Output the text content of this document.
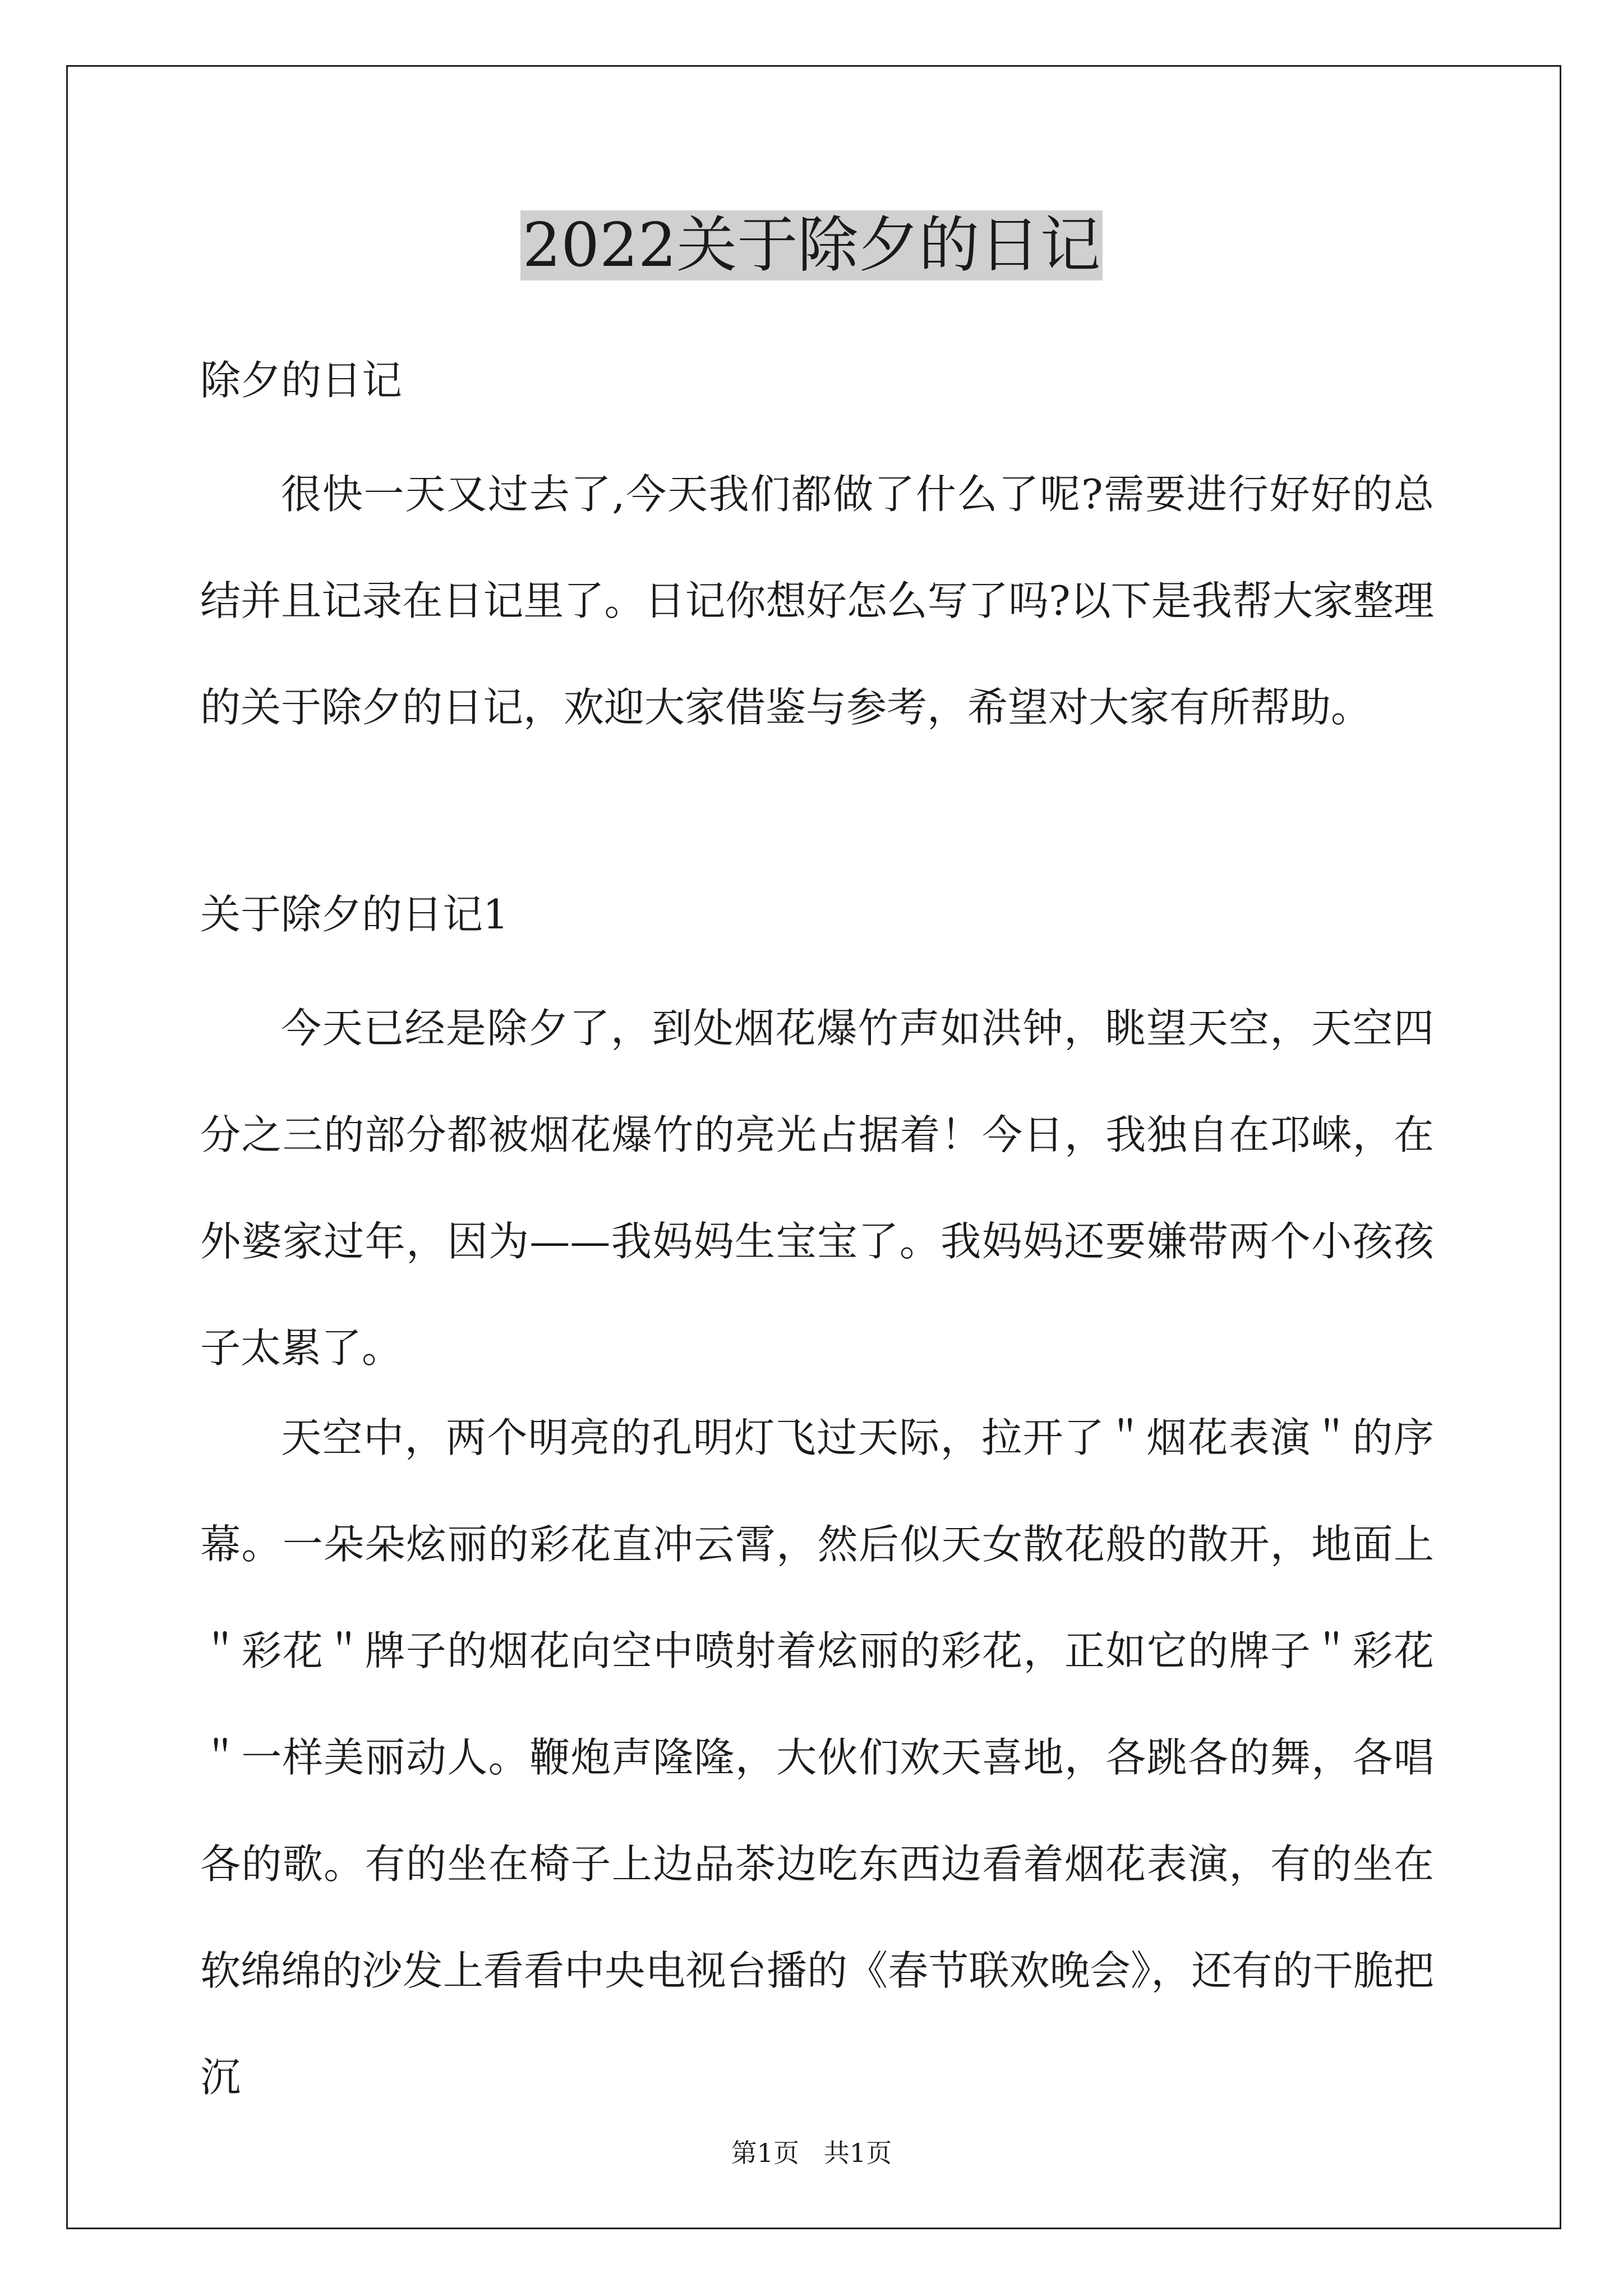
2022关于除夕的日记
除夕的日记
很快一天又过去了,今天我们都做了什么了呢?需要进行好好的总结并且记录在日记里了。日记你想好怎么写了吗?以下是我帮大家整理的关于除夕的日记，欢迎大家借鉴与参考，希望对大家有所帮助。
关于除夕的日记1
今天已经是除夕了，到处烟花爆竹声如洪钟，眺望天空，天空四分之三的部分都被烟花爆竹的亮光占据着！今日，我独自在邛崃，在外婆家过年，因为——我妈妈生宝宝了。我妈妈还要嫌带两个小孩孩子太累了。
天空中，两个明亮的孔明灯飞过天际，拉开了＂烟花表演＂的序幕。一朵朵炫丽的彩花直冲云霄，然后似天女散花般的散开，地面上＂彩花＂牌子的烟花向空中喷射着炫丽的彩花，正如它的牌子＂彩花＂一样美丽动人。鞭炮声隆隆，大伙们欢天喜地，各跳各的舞，各唱各的歌。有的坐在椅子上边品茶边吃东西边看着烟花表演，有的坐在软绵绵的沙发上看看中央电视台播的《春节联欢晚会》，还有的干脆把沉
第1页   共1页
